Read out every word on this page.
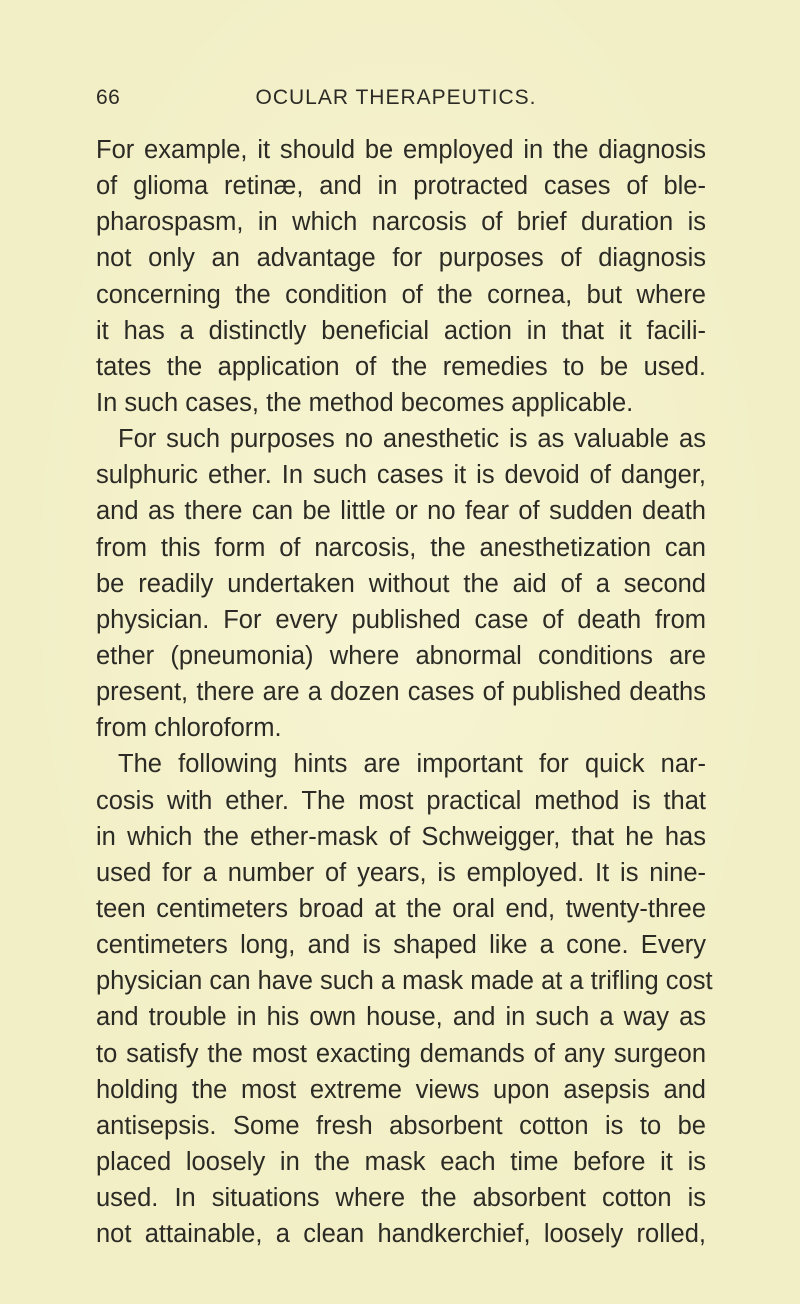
66	OCULAR THERAPEUTICS.
For example, it should be employed in the diagnosis
of glioma retinæ, and in protracted cases of ble-
pharospasm, in which narcosis of brief duration is
not only an advantage for purposes of diagnosis
concerning the condition of the cornea, but where
it has a distinctly beneficial action in that it facili-
tates the application of the remedies to be used.
In such cases, the method becomes applicable.
For such purposes no anesthetic is as valuable as
sulphuric ether. In such cases it is devoid of danger,
and as there can be little or no fear of sudden death
from this form of narcosis, the anesthetization can
be readily undertaken without the aid of a second
physician. For every published case of death from
ether (pneumonia) where abnormal conditions are
present, there are a dozen cases of published deaths
from chloroform.
The following hints are important for quick nar-
cosis with ether. The most practical method is that
in which the ether-mask of Schweigger, that he has
used for a number of years, is employed. It is nine-
teen centimeters broad at the oral end, twenty-three
centimeters long, and is shaped like a cone. Every
physician can have such a mask made at a trifling cost
and trouble in his own house, and in such a way as
to satisfy the most exacting demands of any surgeon
holding the most extreme views upon asepsis and
antisepsis. Some fresh absorbent cotton is to be
placed loosely in the mask each time before it is
used. In situations where the absorbent cotton is
not attainable, a clean handkerchief, loosely rolled,
